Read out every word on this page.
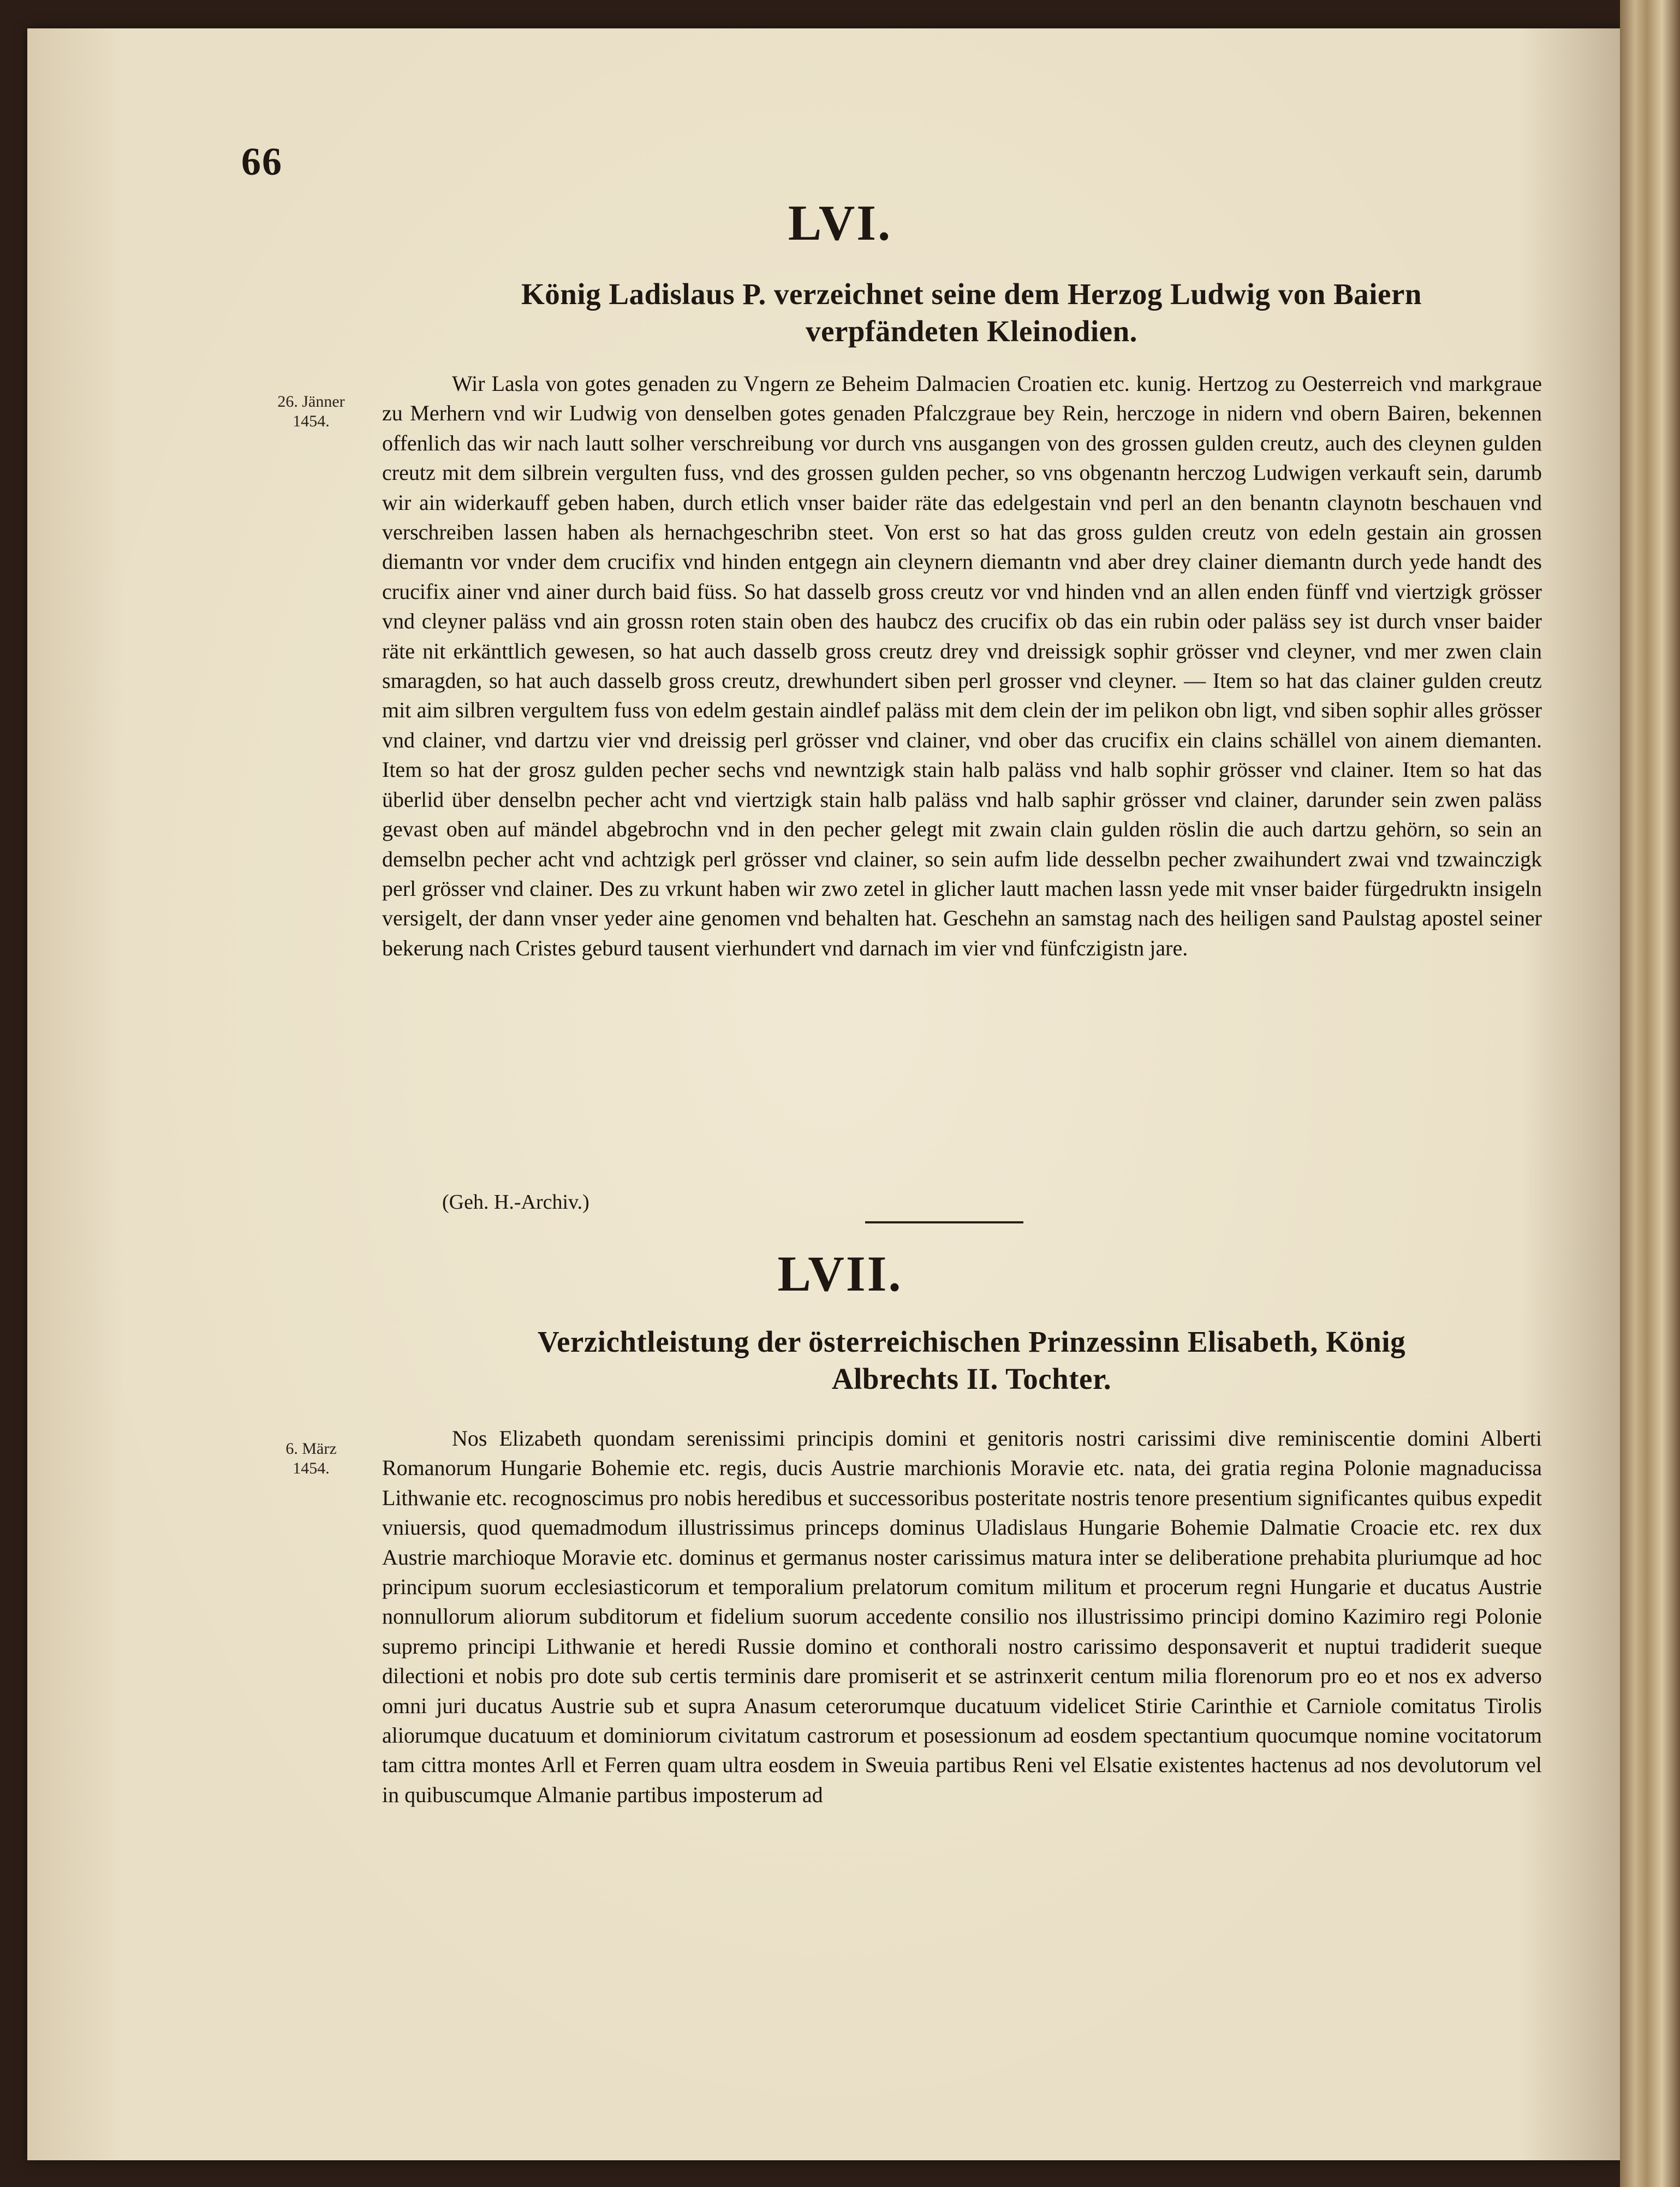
66
LVI.
König Ladislaus P. verzeichnet seine dem Herzog Ludwig von Baiern
verpfändeten Kleinodien.
26. Jänner
1454.
Wir Lasla von gotes genaden zu Vngern ze Beheim Dalmacien Croatien etc. kunig. Hertzog zu Oesterreich vnd markgraue zu Merhern vnd wir Ludwig von denselben gotes genaden Pfalczgraue bey Rein, herczoge in nidern vnd obern Bairen, bekennen offenlich das wir nach lautt solher verschreibung vor durch vns ausgangen von des grossen gulden creutz, auch des cleynen gulden creutz mit dem silbrein vergulten fuss, vnd des grossen gulden pecher, so vns obgenantn herczog Ludwigen verkauft sein, darumb wir ain widerkauff geben haben, durch etlich vnser baider räte das edelgestain vnd perl an den benantn claynotn beschauen vnd verschreiben lassen haben als hernachgeschribn steet. Von erst so hat das gross gulden creutz von edeln gestain ain grossen diemantn vor vnder dem crucifix vnd hinden entgegn ain cleynern diemantn vnd aber drey clainer diemantn durch yede handt des crucifix ainer vnd ainer durch baid füss. So hat dasselb gross creutz vor vnd hinden vnd an allen enden fünff vnd viertzigk grösser vnd cleyner paläss vnd ain grossn roten stain oben des haubcz des crucifix ob das ein rubin oder paläss sey ist durch vnser baider räte nit erkänttlich gewesen, so hat auch dasselb gross creutz drey vnd dreissigk sophir grösser vnd cleyner, vnd mer zwen clain smaragden, so hat auch dasselb gross creutz, drewhundert siben perl grosser vnd cleyner. — Item so hat das clainer gulden creutz mit aim silbren vergultem fuss von edelm gestain aindlef paläss mit dem clein der im pelikon obn ligt, vnd siben sophir alles grösser vnd clainer, vnd dartzu vier vnd dreissig perl grösser vnd clainer, vnd ober das crucifix ein clains schällel von ainem diemanten. Item so hat der grosz gulden pecher sechs vnd newntzigk stain halb paläss vnd halb sophir grösser vnd clainer. Item so hat das überlid über denselbn pecher acht vnd viertzigk stain halb paläss vnd halb saphir grösser vnd clainer, darunder sein zwen paläss gevast oben auf mändel abgebrochn vnd in den pecher gelegt mit zwain clain gulden röslin die auch dartzu gehörn, so sein an demselbn pecher acht vnd achtzigk perl grösser vnd clainer, so sein aufm lide desselbn pecher zwaihundert zwai vnd tzwainczigk perl grösser vnd clainer. Des zu vrkunt haben wir zwo zetel in glicher lautt machen lassn yede mit vnser baider fürgedruktn insigeln versigelt, der dann vnser yeder aine genomen vnd behalten hat. Geschehn an samstag nach des heiligen sand Paulstag apostel seiner bekerung nach Cristes geburd tausent vierhundert vnd darnach im vier vnd fünfczigistn jare.
(Geh. H.-Archiv.)
LVII.
Verzichtleistung der österreichischen Prinzessinn Elisabeth, König
Albrechts II. Tochter.
6. März
1454.
Nos Elizabeth quondam serenissimi principis domini et genitoris nostri carissimi dive reminiscentie domini Alberti Romanorum Hungarie Bohemie etc. regis, ducis Austrie marchionis Moravie etc. nata, dei gratia regina Polonie magnaducissa Lithwanie etc. recognoscimus pro nobis heredibus et successoribus posteritate nostris tenore presentium significantes quibus expedit vniuersis, quod quemadmodum illustrissimus princeps dominus Uladislaus Hungarie Bohemie Dalmatie Croacie etc. rex dux Austrie marchioque Moravie etc. dominus et germanus noster carissimus matura inter se deliberatione prehabita pluriumque ad hoc principum suorum ecclesiasticorum et temporalium prelatorum comitum militum et procerum regni Hungarie et ducatus Austrie nonnullorum aliorum subditorum et fidelium suorum accedente consilio nos illustrissimo principi domino Kazimiro regi Polonie supremo principi Lithwanie et heredi Russie domino et conthorali nostro carissimo desponsaverit et nuptui tradiderit sueque dilectioni et nobis pro dote sub certis terminis dare promiserit et se astrinxerit centum milia florenorum pro eo et nos ex adverso omni juri ducatus Austrie sub et supra Anasum ceterorumque ducatuum videlicet Stirie Carinthie et Carniole comitatus Tirolis aliorumque ducatuum et dominiorum civitatum castrorum et posessionum ad eosdem spectantium quocumque nomine vocitatorum tam cittra montes Arll et Ferren quam ultra eosdem in Sweuia partibus Reni vel Elsatie existentes hactenus ad nos devolutorum vel in quibuscumque Almanie partibus imposterum ad
